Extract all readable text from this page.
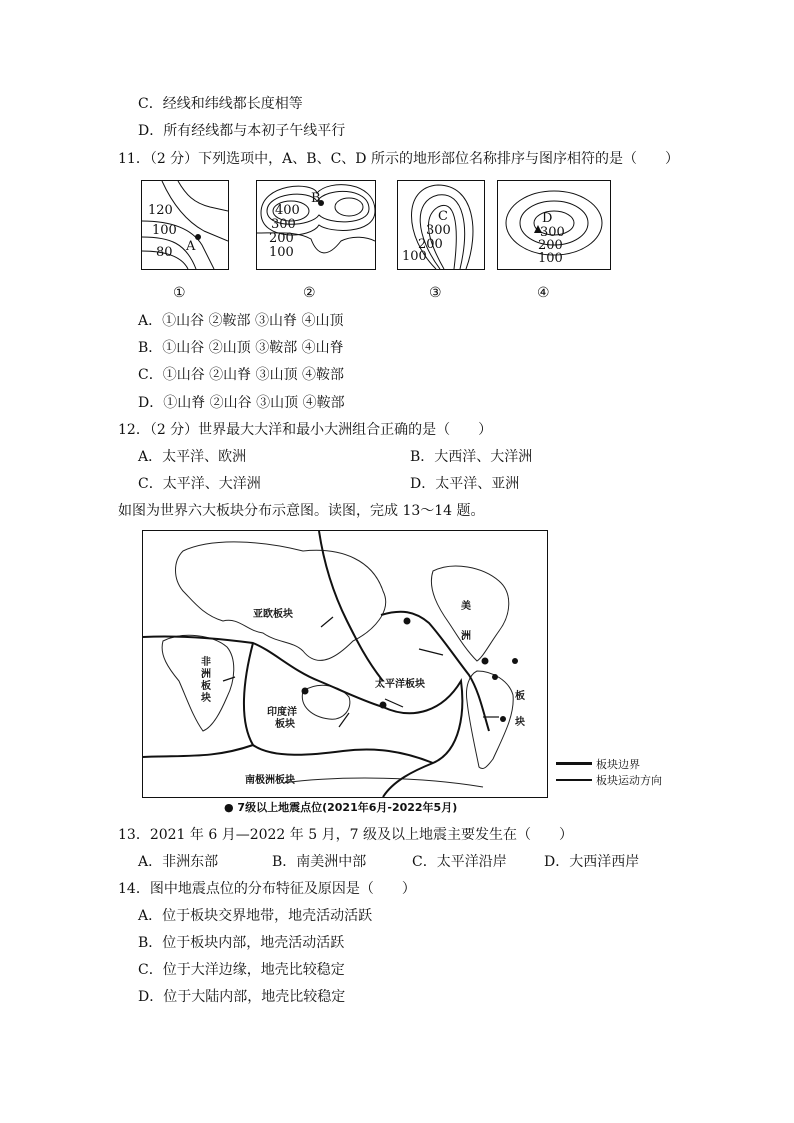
C．经线和纬线都长度相等
D．所有经线都与本初子午线平行
11．（2 分）下列选项中，A、B、C、D 所示的地形部位名称排序与图序相符的是（　　）
120
100
80 A
B
400
300
200
100
C
300
200
100
D
300
200
100
①	②	③	④
A．①山谷 ②鞍部 ③山脊 ④山顶
B．①山谷 ②山顶 ③鞍部 ④山脊
C．①山谷 ②山脊 ③山顶 ④鞍部
D．①山脊 ②山谷 ③山顶 ④鞍部
12．（2 分）世界最大大洋和最小大洲组合正确的是（　　）
A．太平洋、欧洲	B．大西洋、大洋洲
C．太平洋、大洋洲	D．太平洋、亚洲
如图为世界六大板块分布示意图。读图，完成 13～14 题。
亚欧板块
非
洲
板
块
太平洋板块
印度洋
板块
南极洲板块
美
洲
板
块
板块边界
板块运动方向
● 7级以上地震点位(2021年6月-2022年5月)
13．2021 年 6 月—2022 年 5 月，7 级及以上地震主要发生在（　　）
A．非洲东部	B．南美洲中部	C．太平洋沿岸	D．大西洋西岸
14．图中地震点位的分布特征及原因是（　　）
A．位于板块交界地带，地壳活动活跃
B．位于板块内部，地壳活动活跃
C．位于大洋边缘，地壳比较稳定
D．位于大陆内部，地壳比较稳定
